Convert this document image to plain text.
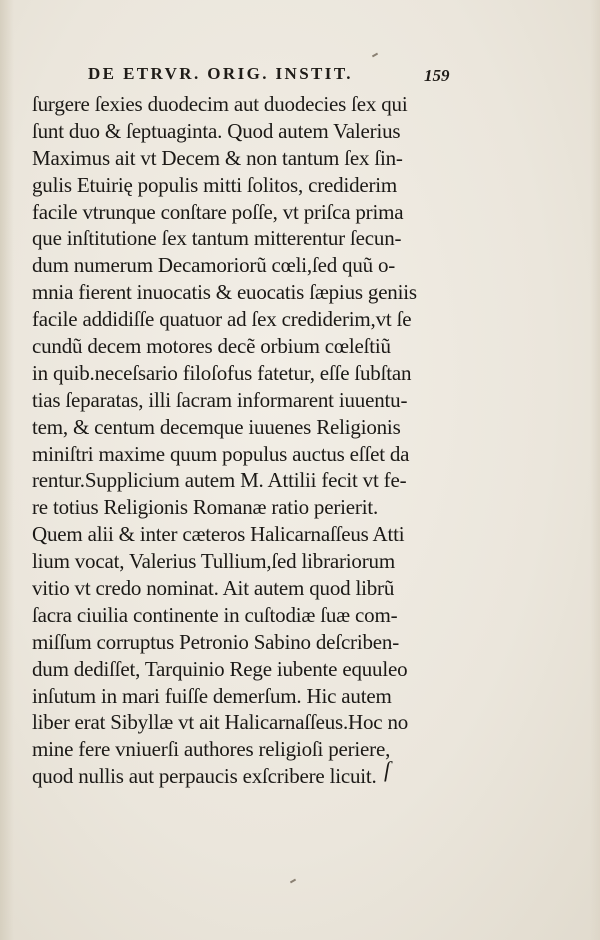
DE ETRVR. ORIG. INSTIT.	159
ſurgere ſexies duodecim aut duodecies ſex qui
ſunt duo & ſeptuaginta. Quod autem Valerius
Maximus ait vt Decem & non tantum ſex ſin-
gulis Etuirię populis mitti ſolitos, crediderim
facile vtrunque conſtare poſſe, vt priſca prima
que inſtitutione ſex tantum mitterentur ſecun-
dum numerum Decamoriorũ cœli,ſed quũ o-
mnia fierent inuocatis & euocatis ſæpius geniis
facile addidiſſe quatuor ad ſex crediderim,vt ſe
cundũ decem motores decẽ orbium cœleſtiũ
in quib.neceſsario filoſofus fatetur, eſſe ſubſtan
tias ſeparatas, illi ſacram informarent iuuentu-
tem, & centum decemque iuuenes Religionis
miniſtri maxime quum populus auctus eſſet da
rentur.Supplicium autem M. Attilii fecit vt fe-
re totius Religionis Romanæ ratio perierit.
Quem alii & inter cæteros Halicarnaſſeus Atti
lium vocat, Valerius Tullium,ſed librariorum
vitio vt credo nominat. Ait autem quod librũ
ſacra ciuilia continente in cuſtodiæ ſuæ com-
miſſum corruptus Petronio Sabino deſcriben-
dum dediſſet, Tarquinio Rege iubente equuleo
inſutum in mari fuiſſe demerſum. Hic autem
liber erat Sibyllæ vt ait Halicarnaſſeus.Hoc no
mine fere vniuerſi authores religioſi periere,
quod nullis aut perpaucis exſcribere licuit. ſ
